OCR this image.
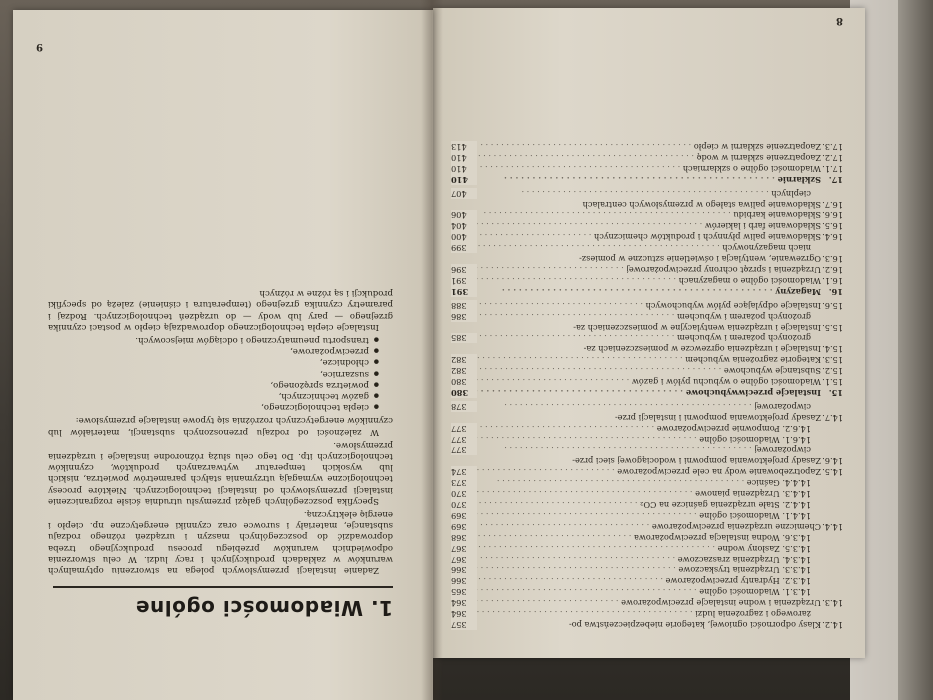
14.2.
Klasy odporności ogniowej, kategorie niebezpieczeństwa po-
357
żarowego i zagrożenia ludzi . . .
364
14.3.
Urządzenia i wodne instalacje przeciwpożarowe . . .
364
14.3.1. Wiadomości ogólne . . .
365
14.3.2. Hydranty przeciwpożarowe . . .
366
14.3.3. Urządzenia tryskaczowe . . .
366
14.3.4. Urządzenia zraszaczowe . . .
367
14.3.5. Zasłony wodne . . .
367
14.3.6. Wodna instalacja przeciwpożarowa . . .
368
14.4.
Chemiczne urządzenia przeciwpożarowe . . .
369
14.4.1. Wiadomości ogólne . . .
369
14.4.2. Stałe urządzenia gaśnicze na CO₂ . . .
370
14.4.3. Urządzenia pianowe . . .
370
14.4.4. Gaśnice . . .
373
14.5.
Zapotrzebowanie wody na cele przeciwpożarowe . . .
374
14.6.
Zasady projektowania pompowni i wodociągowej sieci prze-
ciwpożarowej . . .
377
14.6.1. Wiadomości ogólne . . .
377
14.6.2. Pompownie przeciwpożarowe . . .
377
14.7.
Zasady projektowania pompowni i instalacji prze-
ciwpożarowej . . .
378
15.
Instalacje przeciwwybuchowe . . .
380
15.1.
Wiadomości ogólne o wybuchu pyłów i gazów . . .
380
15.2.
Substancje wybuchowe . . .
382
15.3.
Kategorie zagrożenia wybuchem . . .
382
15.4.
Instalacje i urządzenia ogrzewcze w pomieszczeniach za-
grożonych pożarem i wybuchem . . .
385
15.5.
Instalacje i urządzenia wentylacyjne w pomieszczeniach za-
grożonych pożarem i wybuchem . . .
386
15.6.
Instalacje odpylające pyłów wybuchowych . . .
388
16.
Magazyny . . .
391
16.1.
Wiadomości ogólne o magazynach . . .
391
16.2.
Urządzenia i sprzęt ochrony przeciwpożarowej . . .
396
16.3.
Ogrzewanie, wentylacja i oświetlenie sztuczne w pomiesz-
niach magazynowych . . .
399
16.4.
Składowanie paliw płynnych i produktów chemicznych . . .
400
16.5.
Składowanie farb i lakierów . . .
404
16.6.
Składowanie karbidu . . .
406
16.7.
Składowanie paliwa stałego w przemysłowych centralach
cieplnych . . .
407
17.
Szkłarnie . . .
410
17.1.
Wiadomości ogólne o szkłarniach . . .
410
17.2.
Zaopatrzenie szkłarni w wodę . . .
410
17.3.
Zaopatrzenie szkłarni w ciepło . . .
413
8
1. Wiadomości ogólne

Zadanie instalacji przemysłowych polega na stworzeniu optymalnych warunków w zakładach produkcyjnych i racy ludzi. W celu stworzenia odpowiednich warunków przebiegu procesu produkcyjnego trzeba doprowadzić do poszczególnych maszyn i urządzeń różnego rodzaju substancje, materiały i surowce oraz czynniki energetyczne np. ciepło i energię elektryczną.

Specyfika poszczególnych gałęzi przemysłu utrudnia ścisłe rozgraniczenie instalacji przemysłowych od instalacji technologicznych. Niektóre procesy technologiczne wymagają utrzymania stałych parametrów powietrza, niskich lub wysokich temperatur wytwarzanych produktów, czynników technologicznych itp. Do tego celu służą różnorodne instalacje i urządzenia przemysłowe.

W zależności od rodzaju przenoszonych substancji, materiałów lub czynników energetycznych rozróżnia się typowe instalacje przemysłowe:

● ciepła technologicznego,
● gazów technicznych,
● powietrza sprężonego,
● suszarnice,
● chłodnicze,
● przeciwpożarowe,
● transportu pneumatycznego i odciągów miejscowych.

Instalacje ciepła technologicznego doprowadzają ciepło w postaci czynnika grzejnego — pary lub wody — do urządzeń technologicznych. Rodzaj i parametry czynnika grzejnego (temperatura i ciśnienie) zależą od specyfiki produkcji i są różne w różnych

9
